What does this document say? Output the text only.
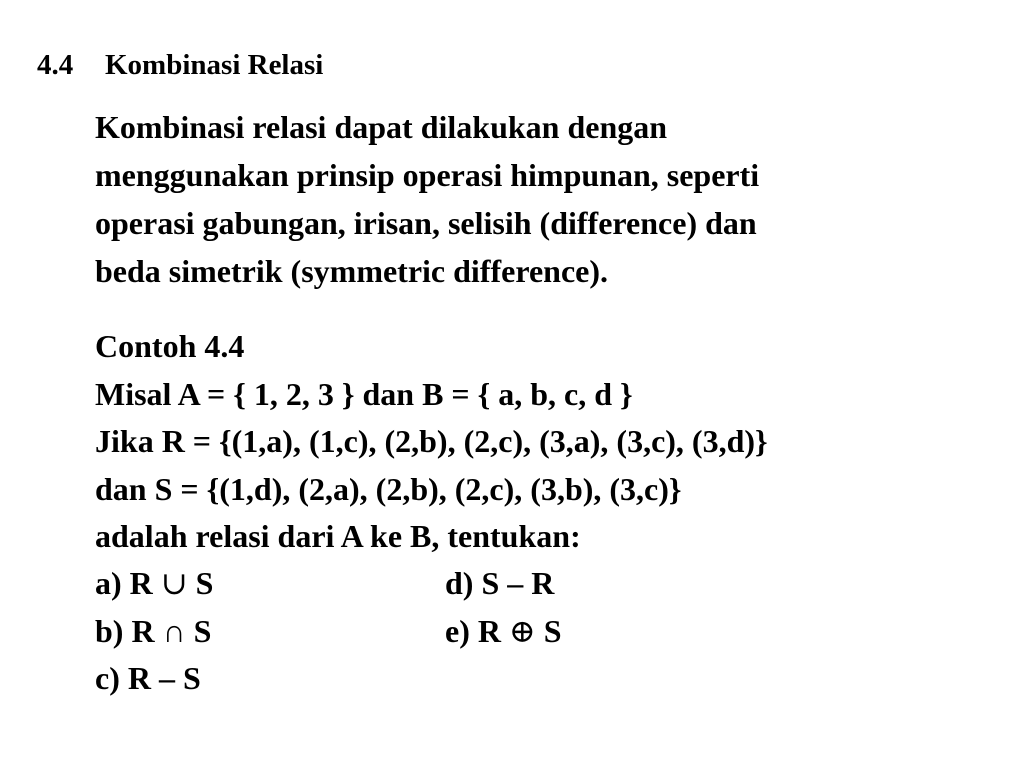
4.4 Kombinasi Relasi
Kombinasi relasi dapat dilakukan dengan
menggunakan prinsip operasi himpunan, seperti
operasi gabungan, irisan, selisih (difference) dan
beda simetrik (symmetric difference).
Contoh 4.4
Misal A = { 1, 2, 3 } dan B = { a, b, c, d }
Jika R = {(1,a), (1,c), (2,b), (2,c), (3,a), (3,c), (3,d)}
dan S = {(1,d), (2,a), (2,b), (2,c), (3,b), (3,c)}
adalah relasi dari A ke B, tentukan:
a) R ∪ S	d) S – R
b) R ∩ S	e) R ⊕ S
c) R – S
